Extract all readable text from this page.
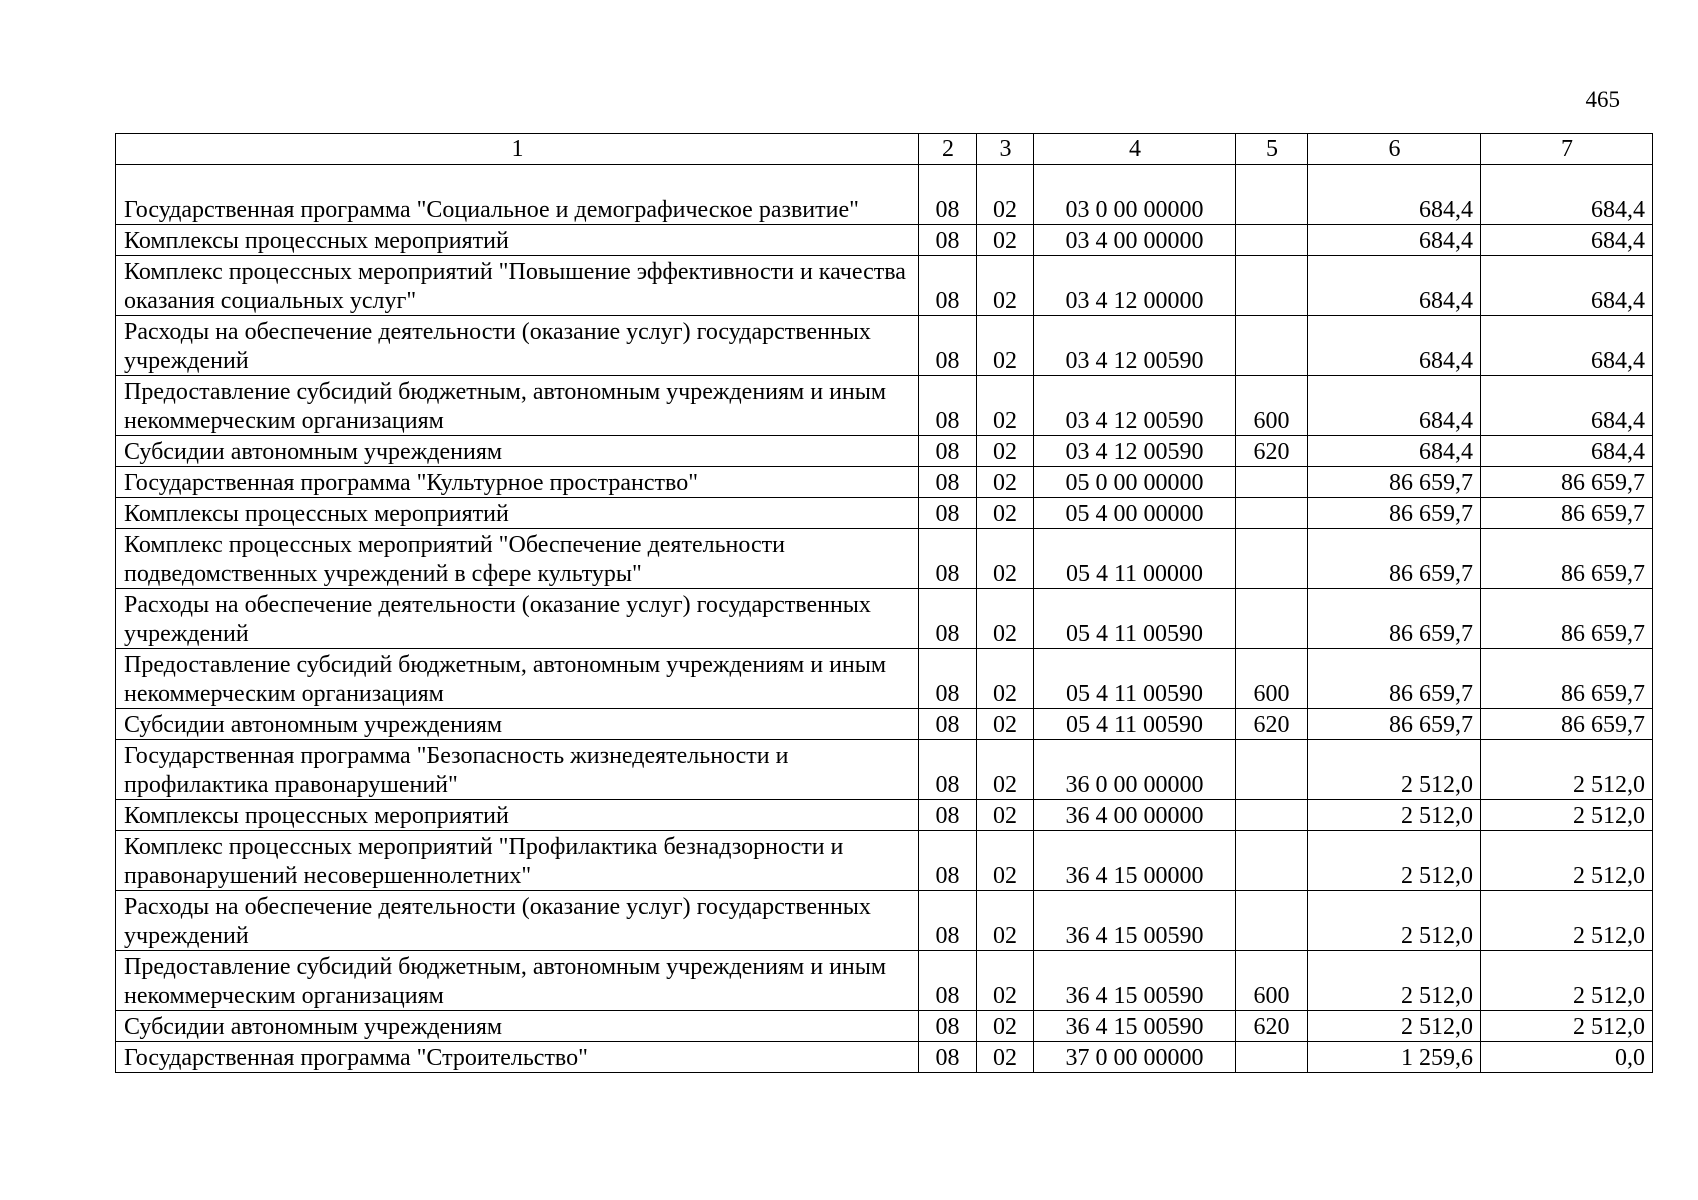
465
1	2	3	4	5	6	7
Государственная программа "Социальное и демографическое развитие"	08	02	03 0 00 00000		684,4	684,4
Комплексы процессных мероприятий	08	02	03 4 00 00000		684,4	684,4
Комплекс процессных мероприятий "Повышение эффективности и качества оказания социальных услуг"	08	02	03 4 12 00000		684,4	684,4
Расходы на обеспечение деятельности (оказание услуг) государственных учреждений	08	02	03 4 12 00590		684,4	684,4
Предоставление субсидий бюджетным, автономным учреждениям и иным некоммерческим организациям	08	02	03 4 12 00590	600	684,4	684,4
Субсидии автономным учреждениям	08	02	03 4 12 00590	620	684,4	684,4
Государственная программа "Культурное пространство"	08	02	05 0 00 00000		86 659,7	86 659,7
Комплексы процессных мероприятий	08	02	05 4 00 00000		86 659,7	86 659,7
Комплекс процессных мероприятий "Обеспечение деятельности подведомственных учреждений в сфере культуры"	08	02	05 4 11 00000		86 659,7	86 659,7
Расходы на обеспечение деятельности (оказание услуг) государственных учреждений	08	02	05 4 11 00590		86 659,7	86 659,7
Предоставление субсидий бюджетным, автономным учреждениям и иным некоммерческим организациям	08	02	05 4 11 00590	600	86 659,7	86 659,7
Субсидии автономным учреждениям	08	02	05 4 11 00590	620	86 659,7	86 659,7
Государственная программа "Безопасность жизнедеятельности и профилактика правонарушений"	08	02	36 0 00 00000		2 512,0	2 512,0
Комплексы процессных мероприятий	08	02	36 4 00 00000		2 512,0	2 512,0
Комплекс процессных мероприятий "Профилактика безнадзорности и правонарушений несовершеннолетних"	08	02	36 4 15 00000		2 512,0	2 512,0
Расходы на обеспечение деятельности (оказание услуг) государственных учреждений	08	02	36 4 15 00590		2 512,0	2 512,0
Предоставление субсидий бюджетным, автономным учреждениям и иным некоммерческим организациям	08	02	36 4 15 00590	600	2 512,0	2 512,0
Субсидии автономным учреждениям	08	02	36 4 15 00590	620	2 512,0	2 512,0
Государственная программа "Строительство"	08	02	37 0 00 00000		1 259,6	0,0
